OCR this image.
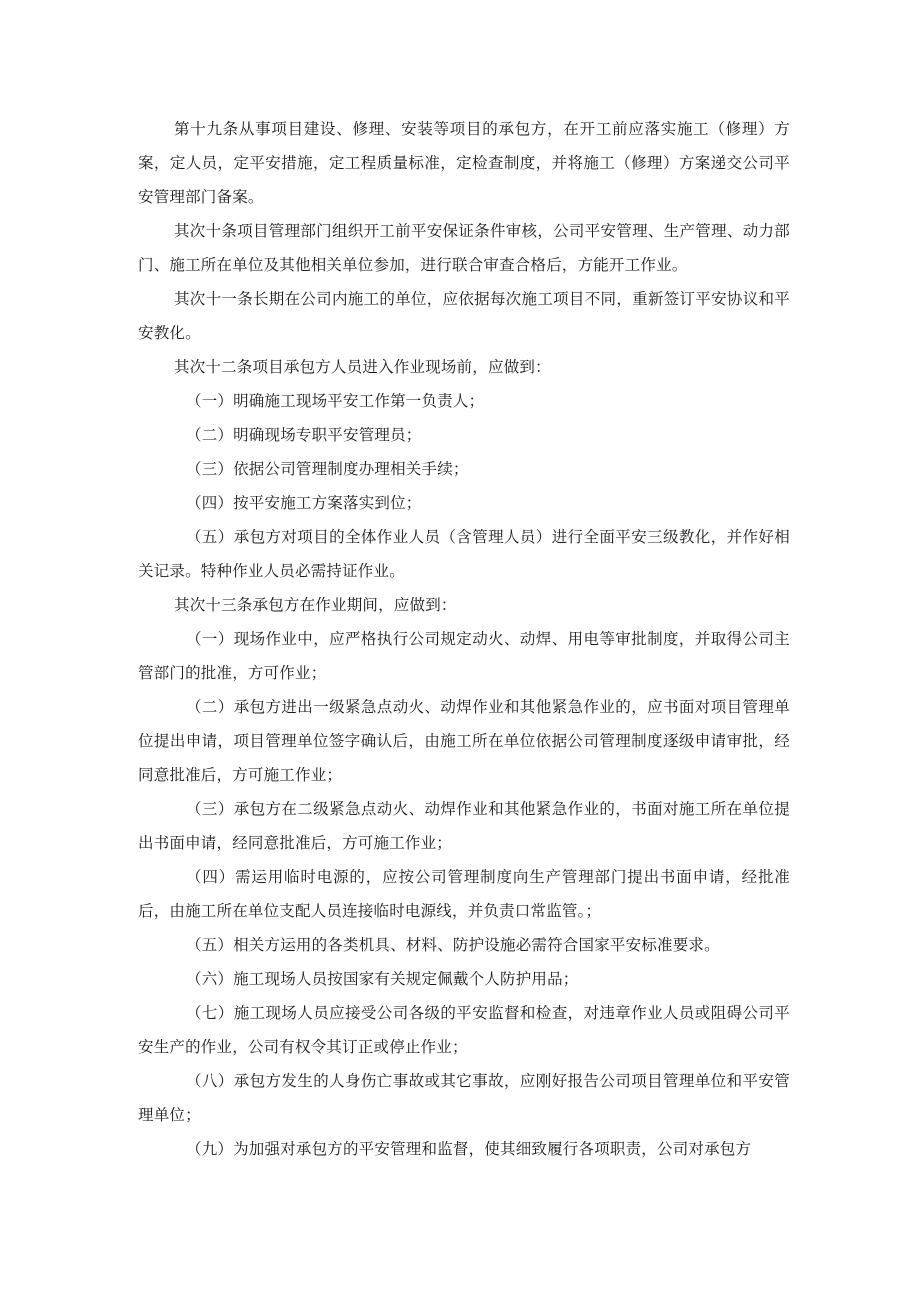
第十九条从事项目建设、修理、安装等项目的承包方，在开工前应落实施工（修理）方案，定人员，定平安措施，定工程质量标准，定检查制度，并将施工（修理）方案递交公司平安管理部门备案。

其次十条项目管理部门组织开工前平安保证条件审核，公司平安管理、生产管理、动力部门、施工所在单位及其他相关单位参加，进行联合审查合格后，方能开工作业。

其次十一条长期在公司内施工的单位，应依据每次施工项目不同，重新签订平安协议和平安教化。

其次十二条项目承包方人员进入作业现场前，应做到：

（一）明确施工现场平安工作第一负责人；

（二）明确现场专职平安管理员；

（三）依据公司管理制度办理相关手续；

（四）按平安施工方案落实到位；

（五）承包方对项目的全体作业人员（含管理人员）进行全面平安三级教化，并作好相关记录。特种作业人员必需持证作业。

其次十三条承包方在作业期间，应做到：

（一）现场作业中，应严格执行公司规定动火、动焊、用电等审批制度，并取得公司主管部门的批准，方可作业；

（二）承包方进出一级紧急点动火、动焊作业和其他紧急作业的，应书面对项目管理单位提出申请，项目管理单位签字确认后，由施工所在单位依据公司管理制度逐级申请审批，经同意批准后，方可施工作业；

（三）承包方在二级紧急点动火、动焊作业和其他紧急作业的，书面对施工所在单位提出书面申请，经同意批准后，方可施工作业；

（四）需运用临时电源的，应按公司管理制度向生产管理部门提出书面申请，经批准后，由施工所在单位支配人员连接临时电源线，并负责口常监管。；

（五）相关方运用的各类机具、材料、防护设施必需符合国家平安标准要求。

（六）施工现场人员按国家有关规定佩戴个人防护用品；

（七）施工现场人员应接受公司各级的平安监督和检查，对违章作业人员或阻碍公司平安生产的作业，公司有权令其订正或停止作业；

（八）承包方发生的人身伤亡事故或其它事故，应刚好报告公司项目管理单位和平安管理单位；

（九）为加强对承包方的平安管理和监督，使其细致履行各项职责，公司对承包方
